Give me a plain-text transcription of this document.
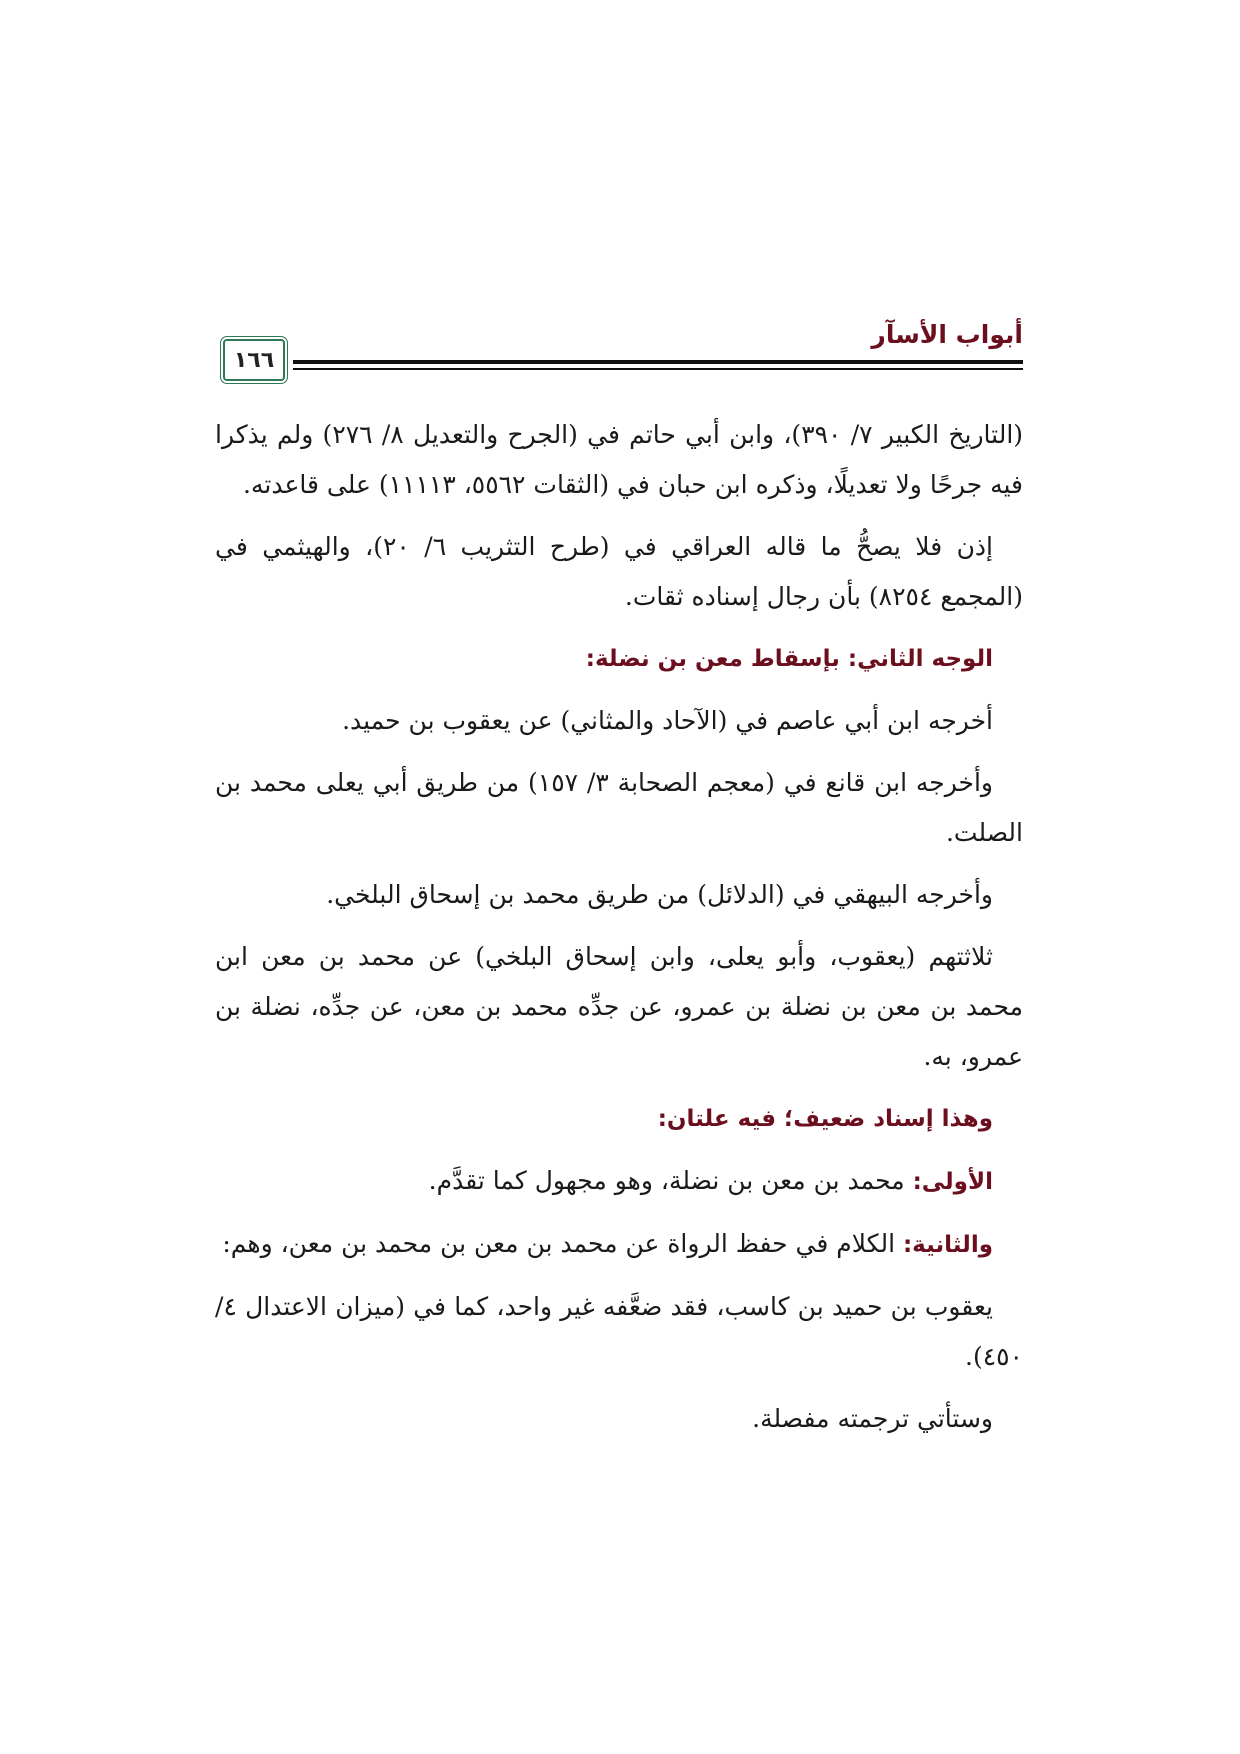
أبواب الأسآر
١٦٦

(التاريخ الكبير ٧/ ٣٩٠)، وابن أبي حاتم في (الجرح والتعديل ٨/ ٢٧٦) ولم يذكرا فيه جرحًا ولا تعديلًا، وذكره ابن حبان في (الثقات ٥٥٦٢، ١١١١٣) على قاعدته.

إذن فلا يصحُّ ما قاله العراقي في (طرح التثريب ٦/ ٢٠)، والهيثمي في (المجمع ٨٢٥٤) بأن رجال إسناده ثقات.

الوجه الثاني: بإسقاط معن بن نضلة:

أخرجه ابن أبي عاصم في (الآحاد والمثاني) عن يعقوب بن حميد.

وأخرجه ابن قانع في (معجم الصحابة ٣/ ١٥٧) من طريق أبي يعلى محمد بن الصلت.

وأخرجه البيهقي في (الدلائل) من طريق محمد بن إسحاق البلخي.

ثلاثتهم (يعقوب، وأبو يعلى، وابن إسحاق البلخي) عن محمد بن معن ابن محمد بن معن بن نضلة بن عمرو، عن جدِّه محمد بن معن، عن جدِّه، نضلة بن عمرو، به.

وهذا إسناد ضعيف؛ فيه علتان:

الأولى: محمد بن معن بن نضلة، وهو مجهول كما تقدَّم.

والثانية: الكلام في حفظ الرواة عن محمد بن معن بن محمد بن معن، وهم:

يعقوب بن حميد بن كاسب، فقد ضعَّفه غير واحد، كما في (ميزان الاعتدال ٤/ ٤٥٠).

وستأتي ترجمته مفصلة.
